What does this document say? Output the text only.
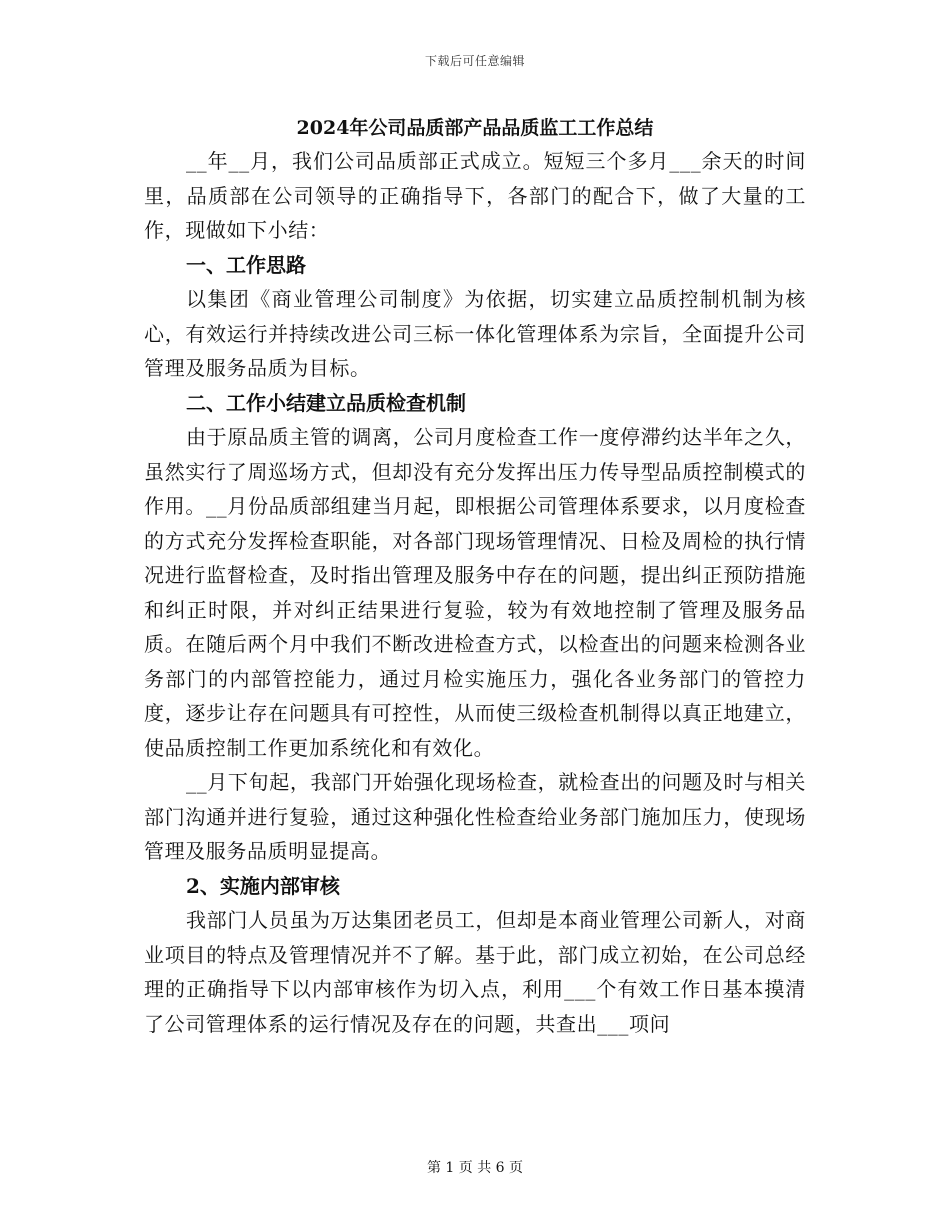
下载后可任意编辑
2024年公司品质部产品品质监工工作总结

__年__月，我们公司品质部正式成立。短短三个多月___余天的时间里，品质部在公司领导的正确指导下，各部门的配合下，做了大量的工作，现做如下小结：

一、工作思路

以集团《商业管理公司制度》为依据，切实建立品质控制机制为核心，有效运行并持续改进公司三标一体化管理体系为宗旨，全面提升公司管理及服务品质为目标。

二、工作小结建立品质检查机制

由于原品质主管的调离，公司月度检查工作一度停滞约达半年之久，虽然实行了周巡场方式，但却没有充分发挥出压力传导型品质控制模式的作用。__月份品质部组建当月起，即根据公司管理体系要求，以月度检查的方式充分发挥检查职能，对各部门现场管理情况、日检及周检的执行情况进行监督检查，及时指出管理及服务中存在的问题，提出纠正预防措施和纠正时限，并对纠正结果进行复验，较为有效地控制了管理及服务品质。在随后两个月中我们不断改进检查方式，以检查出的问题来检测各业务部门的内部管控能力，通过月检实施压力，强化各业务部门的管控力度，逐步让存在问题具有可控性，从而使三级检查机制得以真正地建立，使品质控制工作更加系统化和有效化。

__月下旬起，我部门开始强化现场检查，就检查出的问题及时与相关部门沟通并进行复验，通过这种强化性检查给业务部门施加压力，使现场管理及服务品质明显提高。

2、实施内部审核

我部门人员虽为万达集团老员工，但却是本商业管理公司新人，对商业项目的特点及管理情况并不了解。基于此，部门成立初始，在公司总经理的正确指导下以内部审核作为切入点，利用___个有效工作日基本摸清了公司管理体系的运行情况及存在的问题，共查出___项问

第 1 页 共 6 页
